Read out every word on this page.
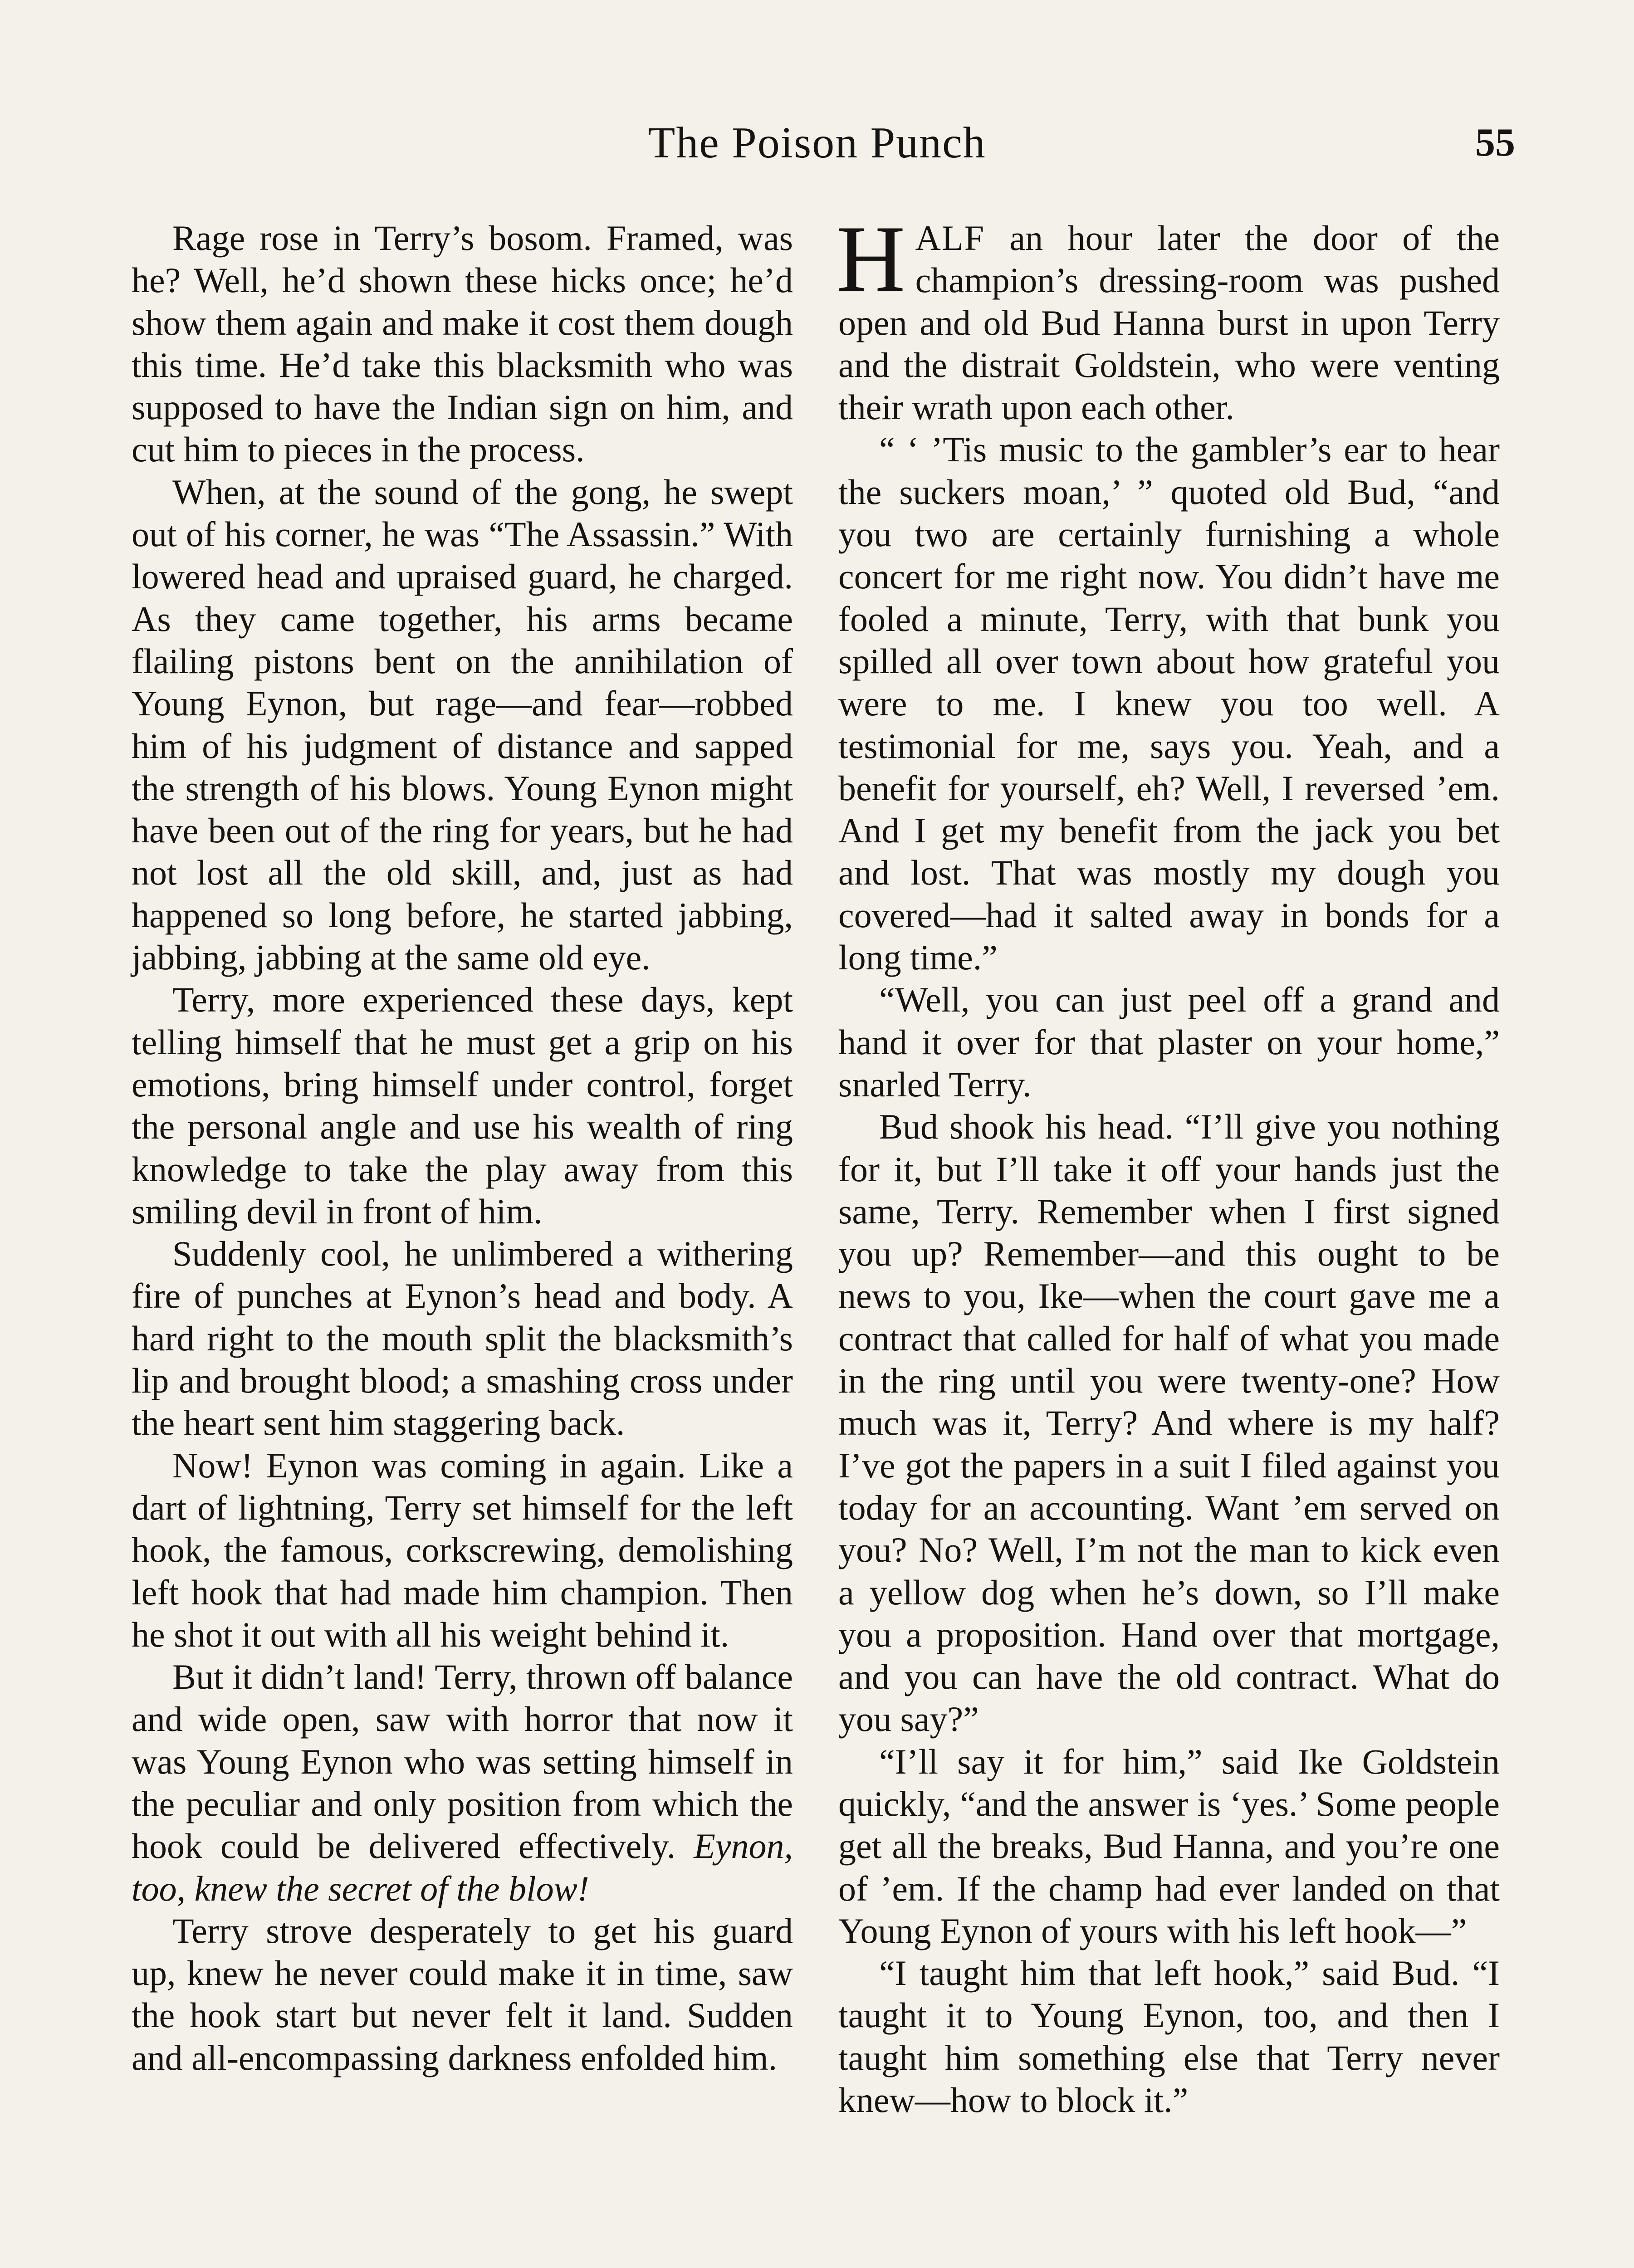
The Poison Punch	55

Rage rose in Terry’s bosom. Framed, was he? Well, he’d shown these hicks once; he’d show them again and make it cost them dough this time. He’d take this blacksmith who was supposed to have the Indian sign on him, and cut him to pieces in the process.

When, at the sound of the gong, he swept out of his corner, he was “The Assassin.” With lowered head and upraised guard, he charged. As they came together, his arms became flailing pistons bent on the annihilation of Young Eynon, but rage—and fear—robbed him of his judgment of distance and sapped the strength of his blows. Young Eynon might have been out of the ring for years, but he had not lost all the old skill, and, just as had happened so long before, he started jabbing, jabbing, jabbing at the same old eye.

Terry, more experienced these days, kept telling himself that he must get a grip on his emotions, bring himself under control, forget the personal angle and use his wealth of ring knowledge to take the play away from this smiling devil in front of him.

Suddenly cool, he unlimbered a withering fire of punches at Eynon’s head and body. A hard right to the mouth split the blacksmith’s lip and brought blood; a smashing cross under the heart sent him staggering back.

Now! Eynon was coming in again. Like a dart of lightning, Terry set himself for the left hook, the famous, corkscrewing, demolishing left hook that had made him champion. Then he shot it out with all his weight behind it.

But it didn’t land! Terry, thrown off balance and wide open, saw with horror that now it was Young Eynon who was setting himself in the peculiar and only position from which the hook could be delivered effectively. Eynon, too, knew the secret of the blow!

Terry strove desperately to get his guard up, knew he never could make it in time, saw the hook start but never felt it land. Sudden and all-encompassing darkness enfolded him.

HALF an hour later the door of the champion’s dressing-room was pushed open and old Bud Hanna burst in upon Terry and the distrait Goldstein, who were venting their wrath upon each other.

“ ‘ ’Tis music to the gambler’s ear to hear the suckers moan,’ ” quoted old Bud, “and you two are certainly furnishing a whole concert for me right now. You didn’t have me fooled a minute, Terry, with that bunk you spilled all over town about how grateful you were to me. I knew you too well. A testimonial for me, says you. Yeah, and a benefit for yourself, eh? Well, I reversed ’em. And I get my benefit from the jack you bet and lost. That was mostly my dough you covered—had it salted away in bonds for a long time.”

“Well, you can just peel off a grand and hand it over for that plaster on your home,” snarled Terry.

Bud shook his head. “I’ll give you nothing for it, but I’ll take it off your hands just the same, Terry. Remember when I first signed you up? Remember—and this ought to be news to you, Ike—when the court gave me a contract that called for half of what you made in the ring until you were twenty-one? How much was it, Terry? And where is my half? I’ve got the papers in a suit I filed against you today for an accounting. Want ’em served on you? No? Well, I’m not the man to kick even a yellow dog when he’s down, so I’ll make you a proposition. Hand over that mortgage, and you can have the old contract. What do you say?”

“I’ll say it for him,” said Ike Goldstein quickly, “and the answer is ‘yes.’ Some people get all the breaks, Bud Hanna, and you’re one of ’em. If the champ had ever landed on that Young Eynon of yours with his left hook—”

“I taught him that left hook,” said Bud. “I taught it to Young Eynon, too, and then I taught him something else that Terry never knew—how to block it.”
